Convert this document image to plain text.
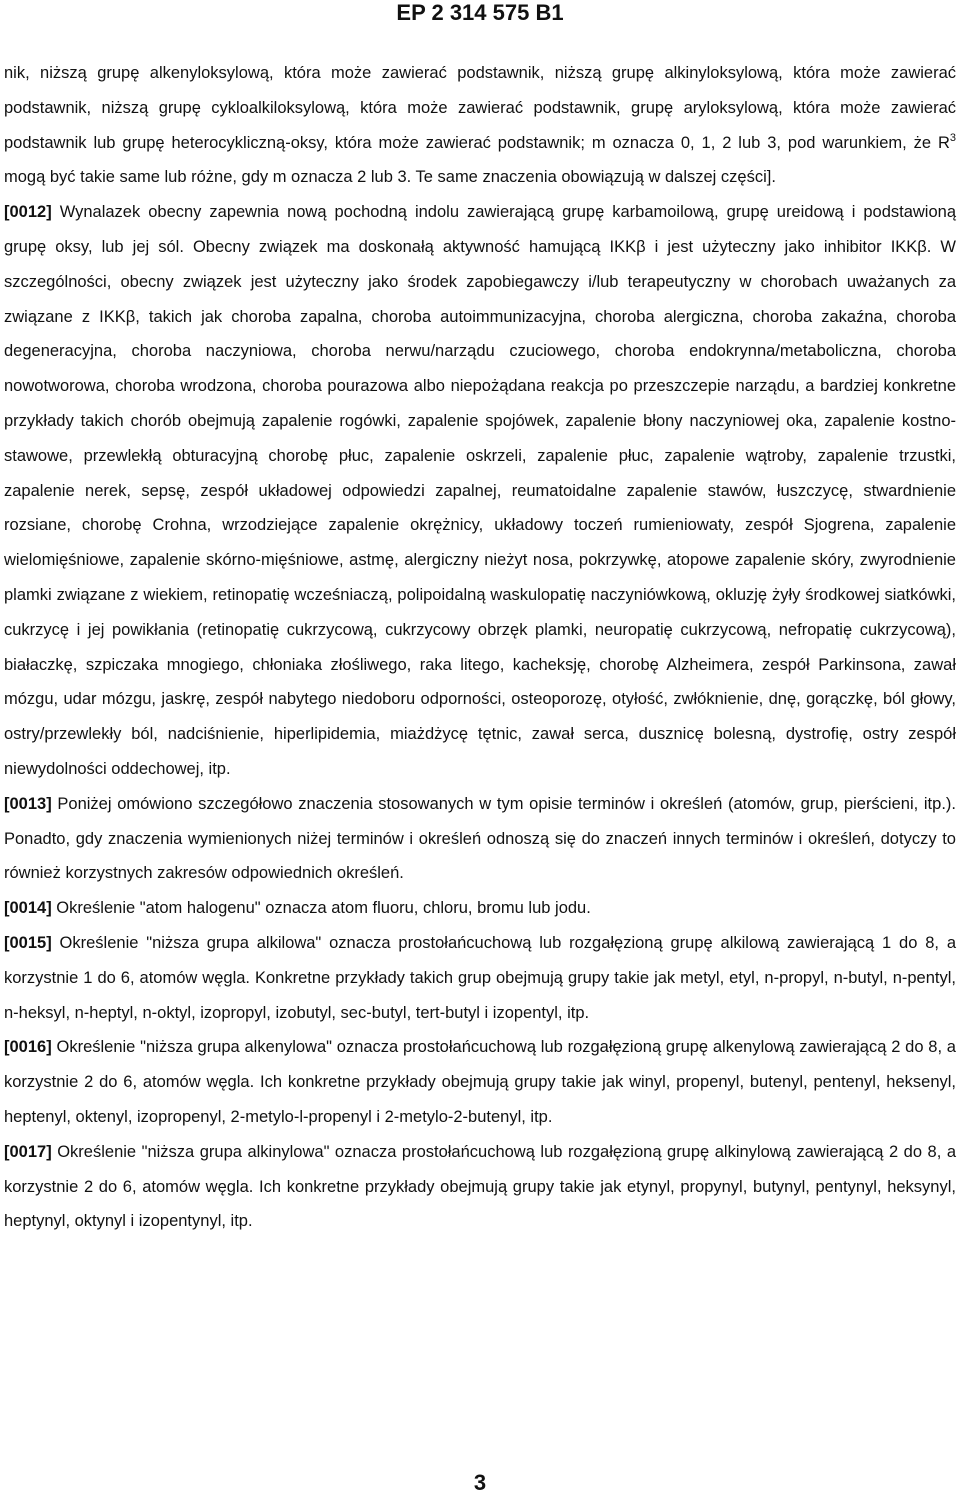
EP 2 314 575 B1

nik, niższą grupę alkenyloksylową, która może zawierać podstawnik, niższą grupę alkinyloksylową, która może zawierać podstawnik, niższą grupę cykloalkiloksylową, która może zawierać podstawnik, grupę aryloksylową, która może zawierać podstawnik lub grupę heterocykliczną-oksy, która może zawierać podstawnik; m oznacza 0, 1, 2 lub 3, pod warunkiem, że $R^3$ mogą być takie same lub różne, gdy m oznacza 2 lub 3. Te same znaczenia obowiązują w dalszej części].

[0012] Wynalazek obecny zapewnia nową pochodną indolu zawierającą grupę karbamoilową, grupę ureidową i podstawioną grupę oksy, lub jej sól. Obecny związek ma doskonałą aktywność hamującą IKKβ i jest użyteczny jako inhibitor IKKβ. W szczególności, obecny związek jest użyteczny jako środek zapobiegawczy i/lub terapeutyczny w chorobach uważanych za związane z IKKβ, takich jak choroba zapalna, choroba autoimmunizacyjna, choroba alergiczna, choroba zakaźna, choroba degeneracyjna, choroba naczyniowa, choroba nerwu/narządu czuciowego, choroba endokrynna/metaboliczna, choroba nowotworowa, choroba wrodzona, choroba pourazowa albo niepożądana reakcja po przeszczepie narządu, a bardziej konkretne przykłady takich chorób obejmują zapalenie rogówki, zapalenie spojówek, zapalenie błony naczyniowej oka, zapalenie kostno-stawowe, przewlekłą obturacyjną chorobę płuc, zapalenie oskrzeli, zapalenie płuc, zapalenie wątroby, zapalenie trzustki, zapalenie nerek, sepsę, zespół układowej odpowiedzi zapalnej, reumatoidalne zapalenie stawów, łuszczycę, stwardnienie rozsiane, chorobę Crohna, wrzodziejące zapalenie okrężnicy, układowy toczeń rumieniowaty, zespół Sjogrena, zapalenie wielomięśniowe, zapalenie skórno-mięśniowe, astmę, alergiczny nieżyt nosa, pokrzywkę, atopowe zapalenie skóry, zwyrodnienie plamki związane z wiekiem, retinopatię wcześniaczą, polipoidalną waskulopatię naczyniówkową, okluzję żyły środkowej siatkówki, cukrzycę i jej powikłania (retinopatię cukrzycową, cukrzycowy obrzęk plamki, neuropatię cukrzycową, nefropatię cukrzycową), białaczkę, szpiczaka mnogiego, chłoniaka złośliwego, raka litego, kacheksję, chorobę Alzheimera, zespół Parkinsona, zawał mózgu, udar mózgu, jaskrę, zespół nabytego niedoboru odporności, osteoporozę, otyłość, zwłóknienie, dnę, gorączkę, ból głowy, ostry/przewlekły ból, nadciśnienie, hiperlipidemia, miażdżycę tętnic, zawał serca, dusznicę bolesną, dystrofię, ostry zespół niewydolności oddechowej, itp.

[0013] Poniżej omówiono szczegółowo znaczenia stosowanych w tym opisie terminów i określeń (atomów, grup, pierścieni, itp.). Ponadto, gdy znaczenia wymienionych niżej terminów i określeń odnoszą się do znaczeń innych terminów i określeń, dotyczy to również korzystnych zakresów odpowiednich określeń.

[0014] Określenie "atom halogenu" oznacza atom fluoru, chloru, bromu lub jodu.

[0015] Określenie "niższa grupa alkilowa" oznacza prostołańcuchową lub rozgałęzioną grupę alkilową zawierającą 1 do 8, a korzystnie 1 do 6, atomów węgla. Konkretne przykłady takich grup obejmują grupy takie jak metyl, etyl, n-propyl, n-butyl, n-pentyl, n-heksyl, n-heptyl, n-oktyl, izopropyl, izobutyl, sec-butyl, tert-butyl i izopentyl, itp.

[0016] Określenie "niższa grupa alkenylowa" oznacza prostołańcuchową lub rozgałęzioną grupę alkenylową zawierającą 2 do 8, a korzystnie 2 do 6, atomów węgla. Ich konkretne przykłady obejmują grupy takie jak winyl, propenyl, butenyl, pentenyl, heksenyl, heptenyl, oktenyl, izopropenyl, 2-metylo-l-propenyl i 2-metylo-2-butenyl, itp.

[0017] Określenie "niższa grupa alkinylowa" oznacza prostołańcuchową lub rozgałęzioną grupę alkinylową zawierającą 2 do 8, a korzystnie 2 do 6, atomów węgla. Ich konkretne przykłady obejmują grupy takie jak etynyl, propynyl, butynyl, pentynyl, heksynyl, heptynyl, oktynyl i izopentynyl, itp.

3
